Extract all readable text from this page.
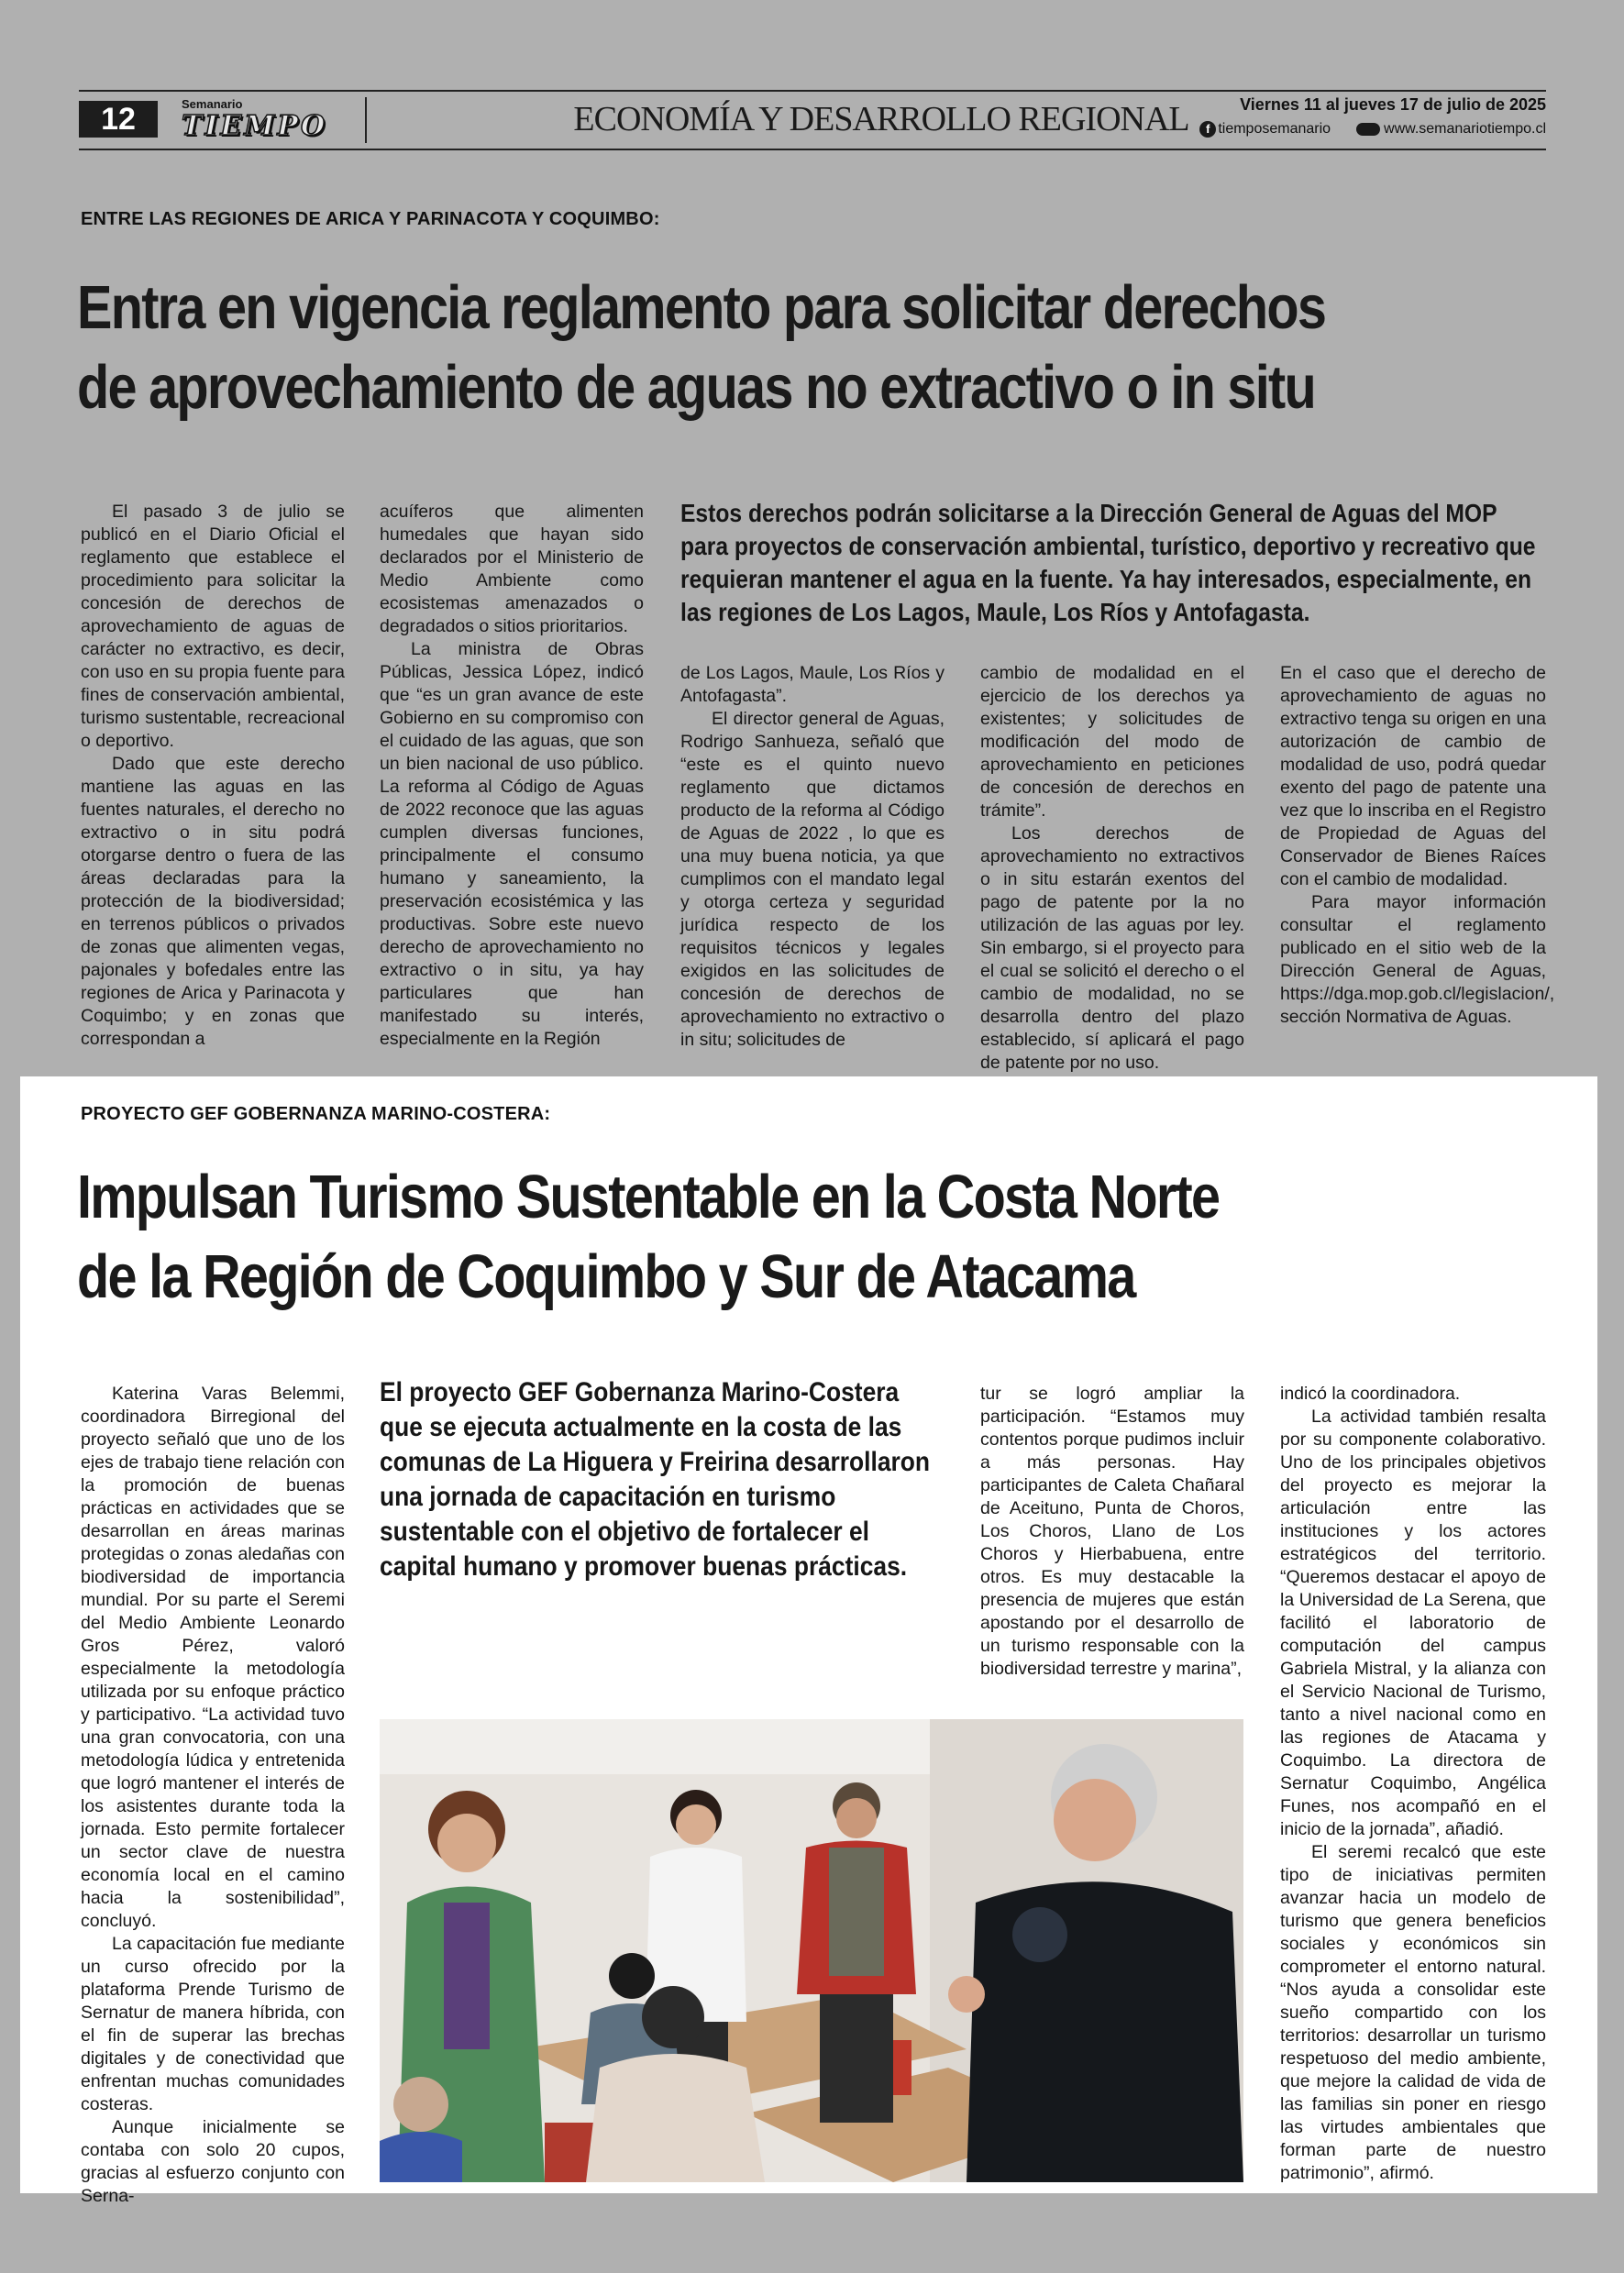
12	Semanario
TIEMPO	ECONOMÍA Y DESARROLLO REGIONAL	Viernes 11 al jueves 17 de julio de 2025
f tiemposemanario	www.semanariotiempo.cl
ENTRE LAS REGIONES DE ARICA Y PARINACOTA Y COQUIMBO:
Entra en vigencia reglamento para solicitar derechos
de aprovechamiento de aguas no extractivo o in situ

El pasado 3 de julio se publicó en el Diario Oficial el reglamento que establece el procedimiento para solicitar la concesión de derechos de aprovechamiento de aguas de carácter no extractivo, es decir, con uso en su propia fuente para fines de conservación ambiental, turismo sustentable, recreacional o deportivo.

Dado que este derecho mantiene las aguas en las fuentes naturales, el derecho no extractivo o in situ podrá otorgarse dentro o fuera de las áreas declaradas para la protección de la biodiversidad; en terrenos públicos o privados de zonas que alimenten vegas, pajonales y bofedales entre las regiones de Arica y Parinacota y Coquimbo; y en zonas que correspondan a

acuíferos que alimenten humedales que hayan sido declarados por el Ministerio de Medio Ambiente como ecosistemas amenazados o degradados o sitios prioritarios.

La ministra de Obras Públicas, Jessica López, indicó que “es un gran avance de este Gobierno en su compromiso con el cuidado de las aguas, que son un bien nacional de uso público. La reforma al Código de Aguas de 2022 reconoce que las aguas cumplen diversas funciones, principalmente el consumo humano y saneamiento, la preservación ecosistémica y las productivas. Sobre este nuevo derecho de aprovechamiento no extractivo o in situ, ya hay particulares que han manifestado su interés, especialmente en la Región

Estos derechos podrán solicitarse a la Dirección General de Aguas del MOP para proyectos de conservación ambiental, turístico, deportivo y recreativo que requieran mantener el agua en la fuente. Ya hay interesados, especialmente, en las regiones de Los Lagos, Maule, Los Ríos y Antofagasta.

de Los Lagos, Maule, Los Ríos y Antofagasta”.

El director general de Aguas, Rodrigo Sanhueza, señaló que “este es el quinto nuevo reglamento que dictamos producto de la reforma al Código de Aguas de 2022 , lo que es una muy buena noticia, ya que cumplimos con el mandato legal y otorga certeza y seguridad jurídica respecto de los requisitos técnicos y legales exigidos en las solicitudes de concesión de derechos de aprovechamiento no extractivo o in situ; solicitudes de

cambio de modalidad en el ejercicio de los derechos ya existentes; y solicitudes de modificación del modo de aprovechamiento en peticiones de concesión de derechos en trámite”.

Los derechos de aprovechamiento no extractivos o in situ estarán exentos del pago de patente por la no utilización de las aguas por ley. Sin embargo, si el proyecto para el cual se solicitó el derecho o el cambio de modalidad, no se desarrolla dentro del plazo establecido, sí aplicará el pago de patente por no uso.

En el caso que el derecho de aprovechamiento de aguas no extractivo tenga su origen en una autorización de cambio de modalidad de uso, podrá quedar exento del pago de patente una vez que lo inscriba en el Registro de Propiedad de Aguas del Conservador de Bienes Raíces con el cambio de modalidad.

Para mayor información consultar el reglamento publicado en el sitio web de la Dirección General de Aguas, https://dga.mop.gob.cl/legislacion/, sección Normativa de Aguas.

PROYECTO GEF GOBERNANZA MARINO-COSTERA:
Impulsan Turismo Sustentable en la Costa Norte
de la Región de Coquimbo y Sur de Atacama

Katerina Varas Belemmi, coordinadora Birregional del proyecto señaló que uno de los ejes de trabajo tiene relación con la promoción de buenas prácticas en actividades que se desarrollan en áreas marinas protegidas o zonas aledañas con biodiversidad de importancia mundial. Por su parte el Seremi del Medio Ambiente Leonardo Gros Pérez, valoró especialmente la metodología utilizada por su enfoque práctico y participativo. “La actividad tuvo una gran convocatoria, con una metodología lúdica y entretenida que logró mantener el interés de los asistentes durante toda la jornada. Esto permite fortalecer un sector clave de nuestra economía local en el camino hacia la sostenibilidad”, concluyó.

La capacitación fue mediante un curso ofrecido por la plataforma Prende Turismo de Sernatur de manera híbrida, con el fin de superar las brechas digitales y de conectividad que enfrentan muchas comunidades costeras.

Aunque inicialmente se contaba con solo 20 cupos, gracias al esfuerzo conjunto con Serna-

El proyecto GEF Gobernanza Marino-Costera que se ejecuta actualmente en la costa de las comunas de La Higuera y Freirina desarrollaron una jornada de capacitación en turismo sustentable con el objetivo de fortalecer el capital humano y promover buenas prácticas.

tur se logró ampliar la participación. “Estamos muy contentos porque pudimos incluir a más personas. Hay participantes de Caleta Chañaral de Aceituno, Punta de Choros, Los Choros, Llano de Los Choros y Hierbabuena, entre otros. Es muy destacable la presencia de mujeres que están apostando por el desarrollo de un turismo responsable con la biodiversidad terrestre y marina”,

indicó la coordinadora.

La actividad también resalta por su componente colaborativo. Uno de los principales objetivos del proyecto es mejorar la articulación entre las instituciones y los actores estratégicos del territorio. “Queremos destacar el apoyo de la Universidad de La Serena, que facilitó el laboratorio de computación del campus Gabriela Mistral, y la alianza con el Servicio Nacional de Turismo, tanto a nivel nacional como en las regiones de Atacama y Coquimbo. La directora de Sernatur Coquimbo, Angélica Funes, nos acompañó en el inicio de la jornada”, añadió.

El seremi recalcó que este tipo de iniciativas permiten avanzar hacia un modelo de turismo que genera beneficios sociales y económicos sin comprometer el entorno natural. “Nos ayuda a consolidar este sueño compartido con los territorios: desarrollar un turismo respetuoso del medio ambiente, que mejore la calidad de vida de las familias sin poner en riesgo las virtudes ambientales que forman parte de nuestro patrimonio”, afirmó.
